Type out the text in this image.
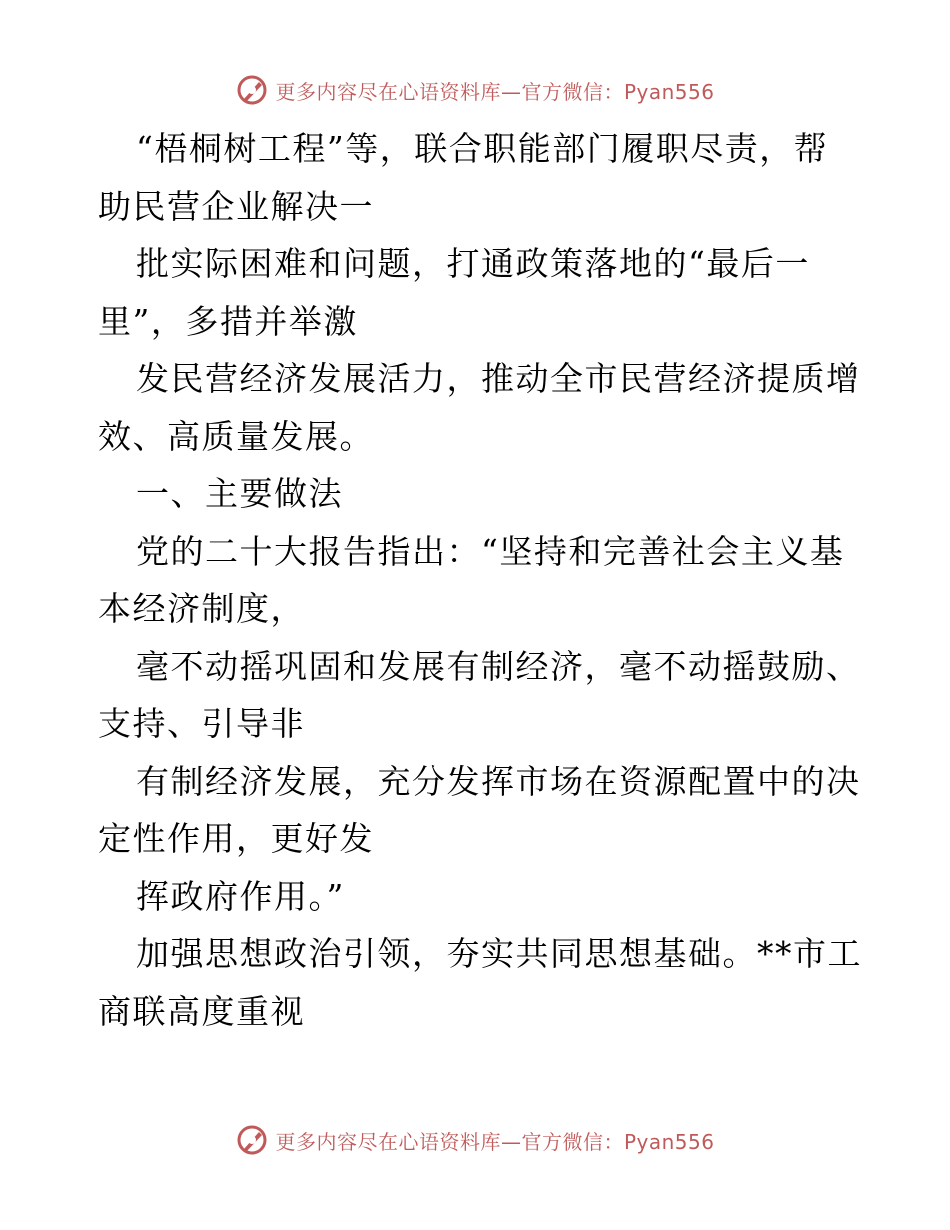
更多内容尽在心语资料库—官方微信：Pyan556
“梧桐树工程”等，联合职能部门履职尽责，帮
助民营企业解决一
批实际困难和问题，打通政策落地的“最后一
里”，多措并举激
发民营经济发展活力，推动全市民营经济提质增
效、高质量发展。
一、主要做法
党的二十大报告指出：“坚持和完善社会主义基
本经济制度，
毫不动摇巩固和发展有制经济，毫不动摇鼓励、
支持、引导非
有制经济发展，充分发挥市场在资源配置中的决
定性作用，更好发
挥政府作用。”
加强思想政治引领，夯实共同思想基础。**市工
商联高度重视
更多内容尽在心语资料库—官方微信：Pyan556
